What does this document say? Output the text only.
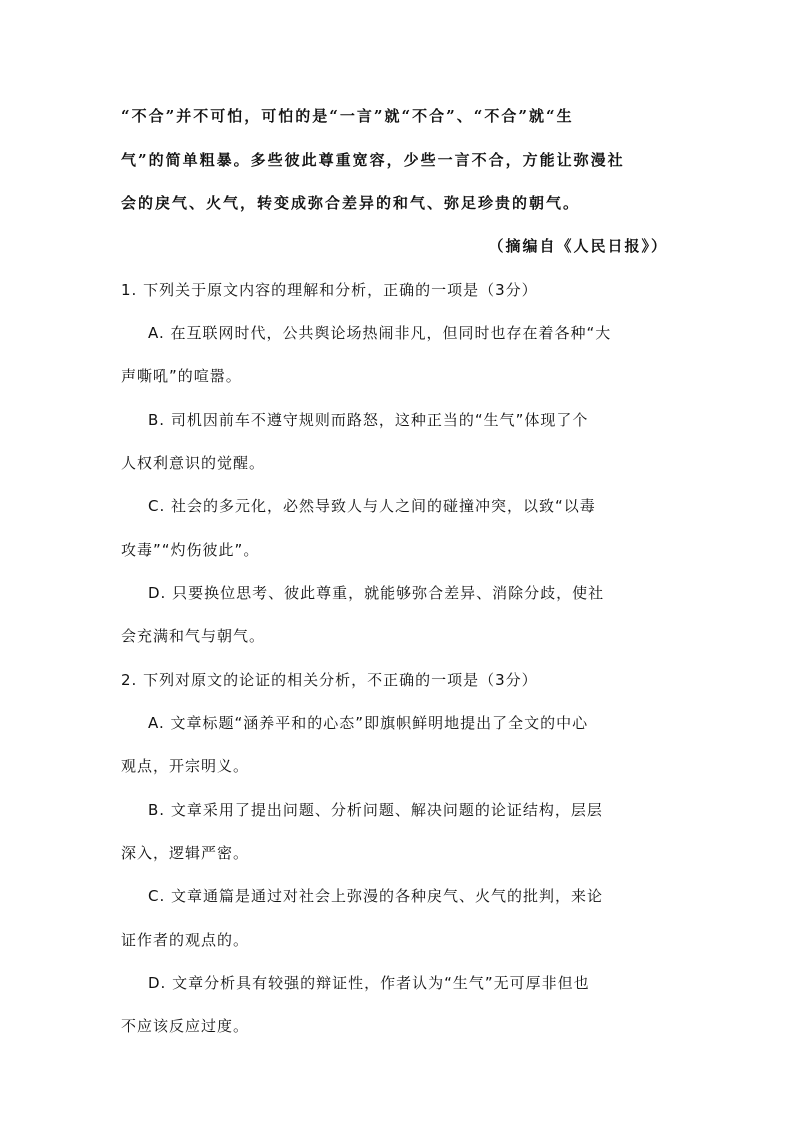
“不合”并不可怕，可怕的是“一言”就“不合”、“不合”就“生
气”的简单粗暴。多些彼此尊重宽容，少些一言不合，方能让弥漫社
会的戾气、火气，转变成弥合差异的和气、弥足珍贵的朝气。
（摘编自《人民日报》）
1. 下列关于原文内容的理解和分析，正确的一项是（3分）
A. 在互联网时代，公共舆论场热闹非凡，但同时也存在着各种“大
声嘶吼”的喧嚣。
B. 司机因前车不遵守规则而路怒，这种正当的“生气”体现了个
人权利意识的觉醒。
C. 社会的多元化，必然导致人与人之间的碰撞冲突，以致“以毒
攻毒”“灼伤彼此”。
D. 只要换位思考、彼此尊重，就能够弥合差异、消除分歧，使社
会充满和气与朝气。
2. 下列对原文的论证的相关分析，不正确的一项是（3分）
A. 文章标题“涵养平和的心态”即旗帜鲜明地提出了全文的中心
观点，开宗明义。
B. 文章采用了提出问题、分析问题、解决问题的论证结构，层层
深入，逻辑严密。
C. 文章通篇是通过对社会上弥漫的各种戾气、火气的批判，来论
证作者的观点的。
D. 文章分析具有较强的辩证性，作者认为“生气”无可厚非但也
不应该反应过度。
